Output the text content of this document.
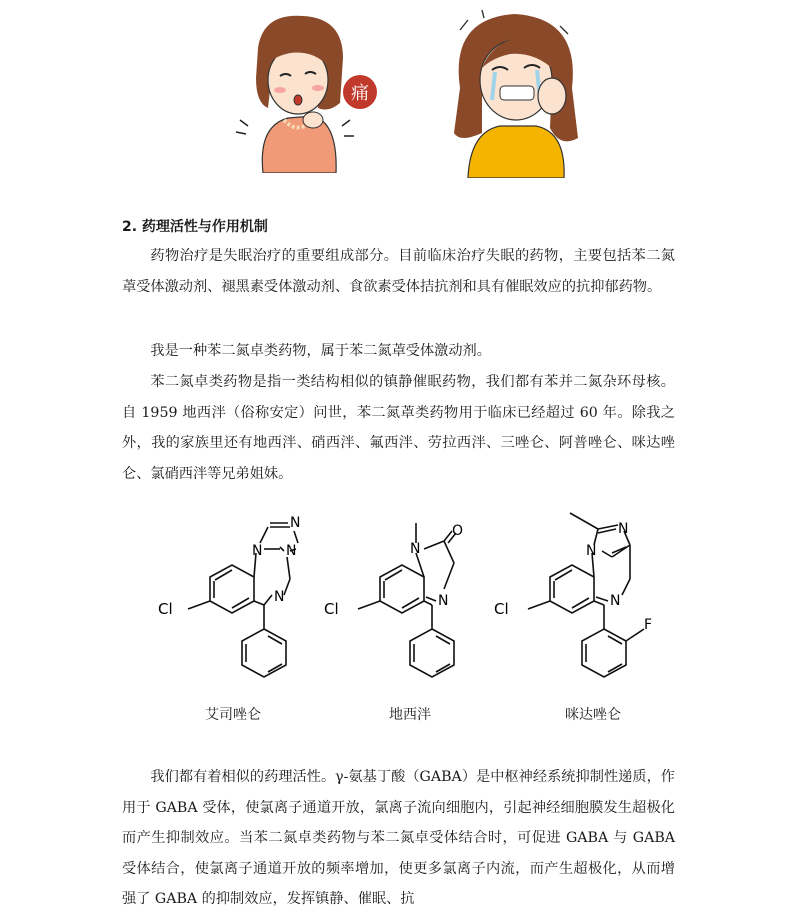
痛
2. 药理活性与作用机制

药物治疗是失眠治疗的重要组成部分。目前临床治疗失眠的药物，主要包括苯二氮䓬受体激动剂、褪黑素受体激动剂、食欲素受体拮抗剂和具有催眠效应的抗抑郁药物。

我是一种苯二氮卓类药物，属于苯二氮䓬受体激动剂。

苯二氮卓类药物是指一类结构相似的镇静催眠药物，我们都有苯并二氮杂环母核。自 1959 地西泮（俗称安定）问世，苯二氮䓬类药物用于临床已经超过 60 年。除我之外，我的家族里还有地西泮、硝西泮、氟西泮、劳拉西泮、三唑仑、阿普唑仑、咪达唑仑、氯硝西泮等兄弟姐妹。

Cl
N
N
N
N
Cl
N
N
O
Cl
N
N
N
F
艾司唑仑	地西泮	咪达唑仑

我们都有着相似的药理活性。γ-氨基丁酸（GABA）是中枢神经系统抑制性递质，作用于 GABA 受体，使氯离子通道开放，氯离子流向细胞内，引起神经细胞膜发生超极化而产生抑制效应。当苯二氮卓类药物与苯二氮卓受体结合时，可促进 GABA 与 GABA 受体结合，使氯离子通道开放的频率增加，使更多氯离子内流，而产生超极化，从而增强了 GABA 的抑制效应，发挥镇静、催眠、抗
